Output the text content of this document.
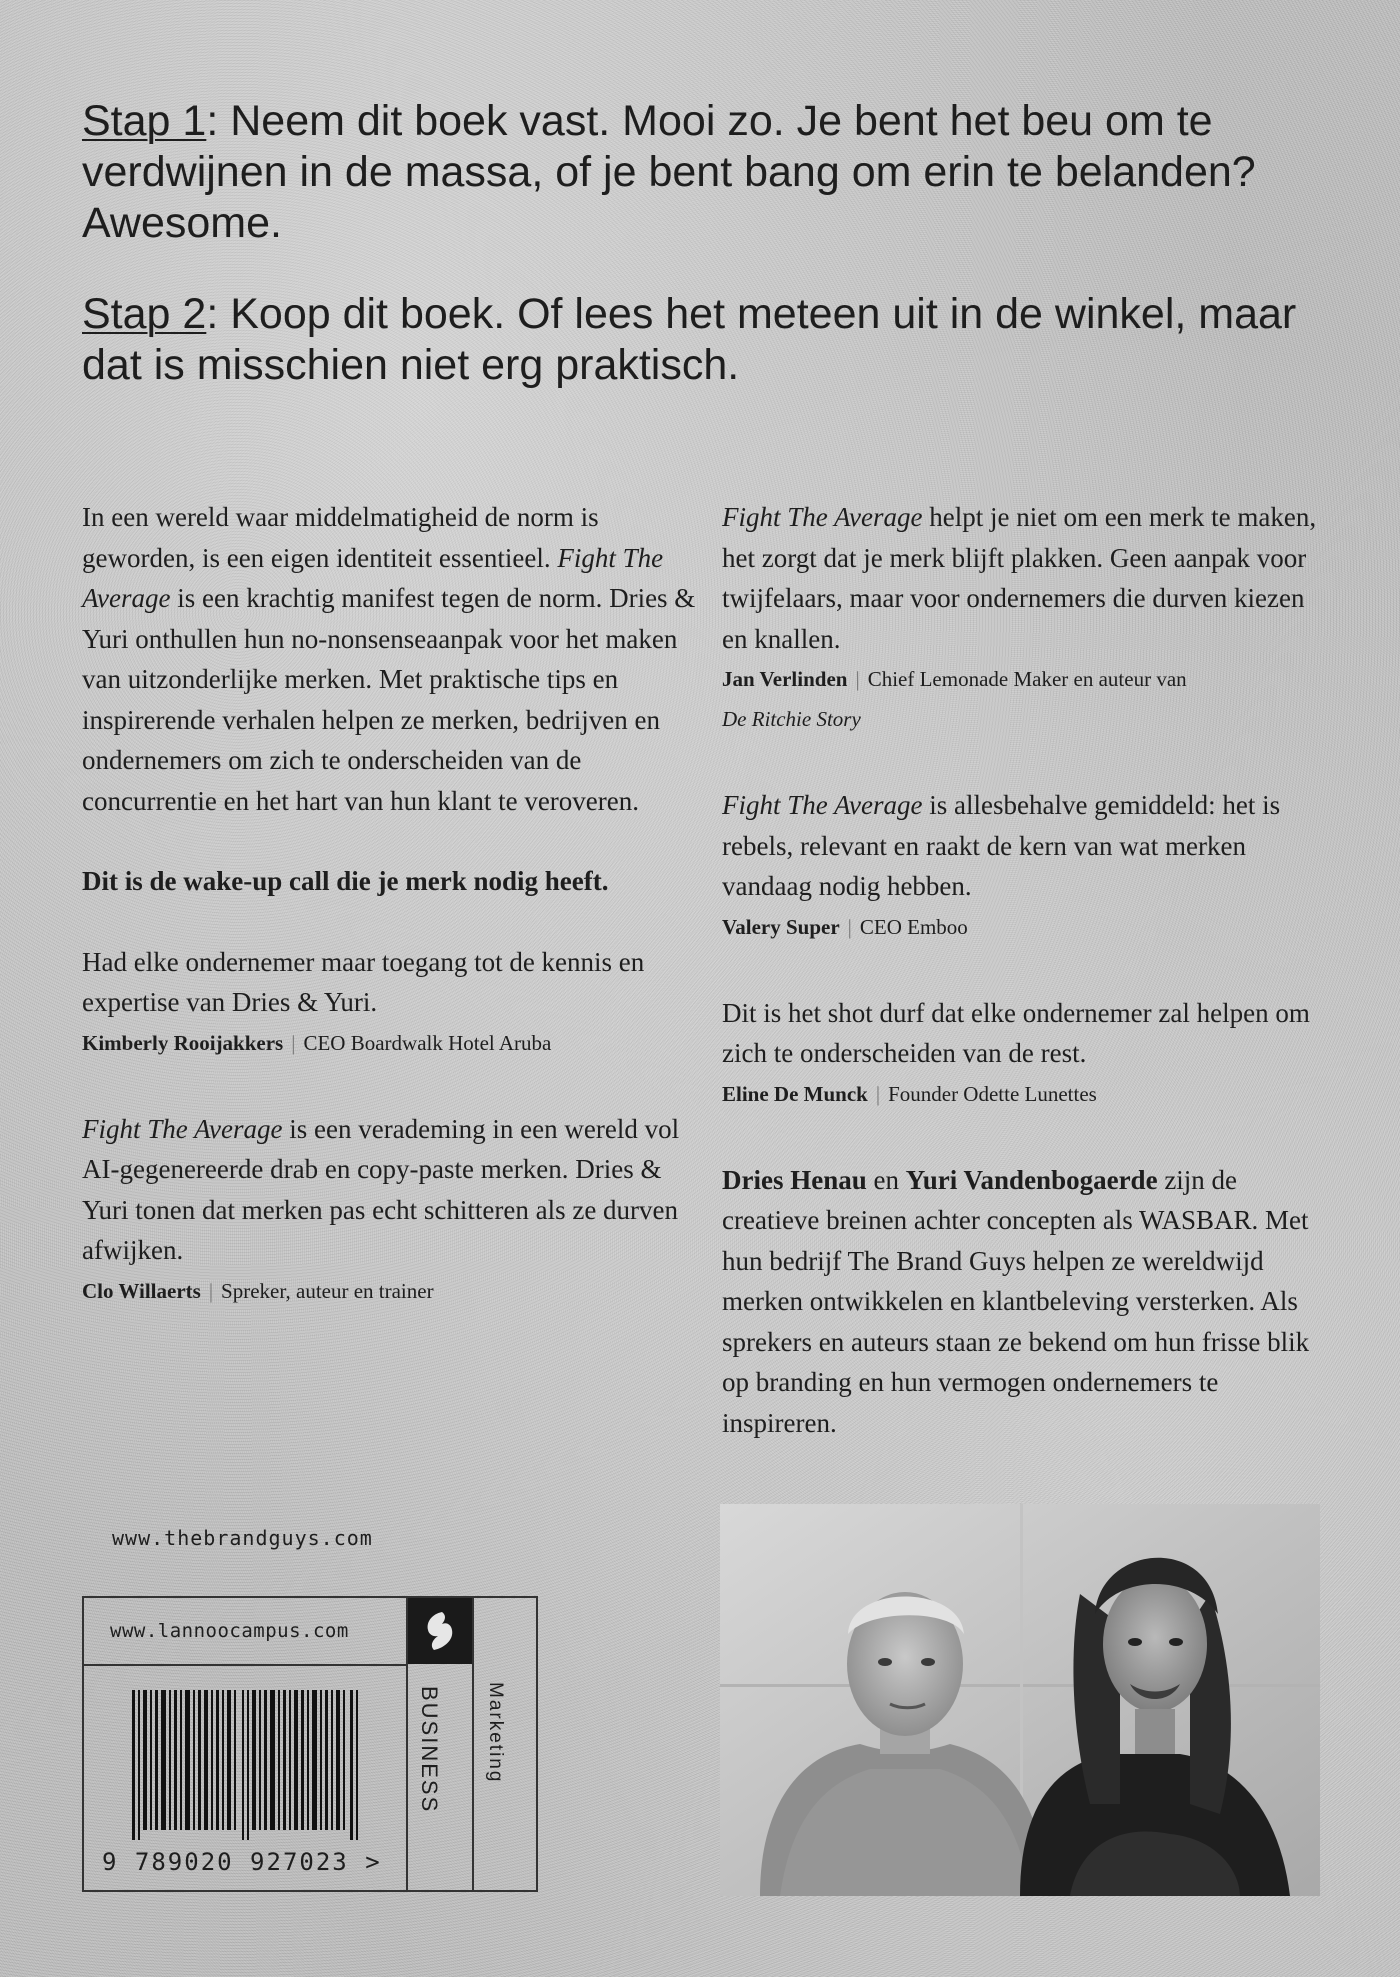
Stap 1: Neem dit boek vast. Mooi zo. Je bent het beu om te verdwijnen in de massa, of je bent bang om erin te belanden? Awesome.

Stap 2: Koop dit boek. Of lees het meteen uit in de winkel, maar dat is misschien niet erg praktisch.

In een wereld waar middelmatigheid de norm is geworden, is een eigen identiteit essentieel. Fight The Average is een krachtig manifest tegen de norm. Dries & Yuri onthullen hun no-nonsenseaanpak voor het maken van uitzonderlijke merken. Met praktische tips en inspirerende verhalen helpen ze merken, bedrijven en ondernemers om zich te onderscheiden van de concurrentie en het hart van hun klant te veroveren.

Dit is de wake-up call die je merk nodig heeft.

Had elke ondernemer maar toegang tot de kennis en expertise van Dries & Yuri.

Kimberly Rooijakkers | CEO Boardwalk Hotel Aruba

Fight The Average is een verademing in een wereld vol AI-gegenereerde drab en copy-paste merken. Dries & Yuri tonen dat merken pas echt schitteren als ze durven afwijken.

Clo Willaerts | Spreker, auteur en trainer

Fight The Average helpt je niet om een merk te maken, het zorgt dat je merk blijft plakken. Geen aanpak voor twijfelaars, maar voor ondernemers die durven kiezen en knallen.

Jan Verlinden | Chief Lemonade Maker en auteur van

De Ritchie Story

Fight The Average is allesbehalve gemiddeld: het is rebels, relevant en raakt de kern van wat merken vandaag nodig hebben.

Valery Super | CEO Emboo

Dit is het shot durf dat elke ondernemer zal helpen om zich te onderscheiden van de rest.

Eline De Munck | Founder Odette Lunettes

Dries Henau en Yuri Vandenbogaerde zijn de creatieve breinen achter concepten als WASBAR. Met hun bedrijf The Brand Guys helpen ze wereldwijd merken ontwikkelen en klantbeleving versterken. Als sprekers en auteurs staan ze bekend om hun frisse blik op branding en hun vermogen ondernemers te inspireren.

www.thebrandguys.com
www.lannoocampus.com
9 789020 927023 >
BUSINESS Marketing
